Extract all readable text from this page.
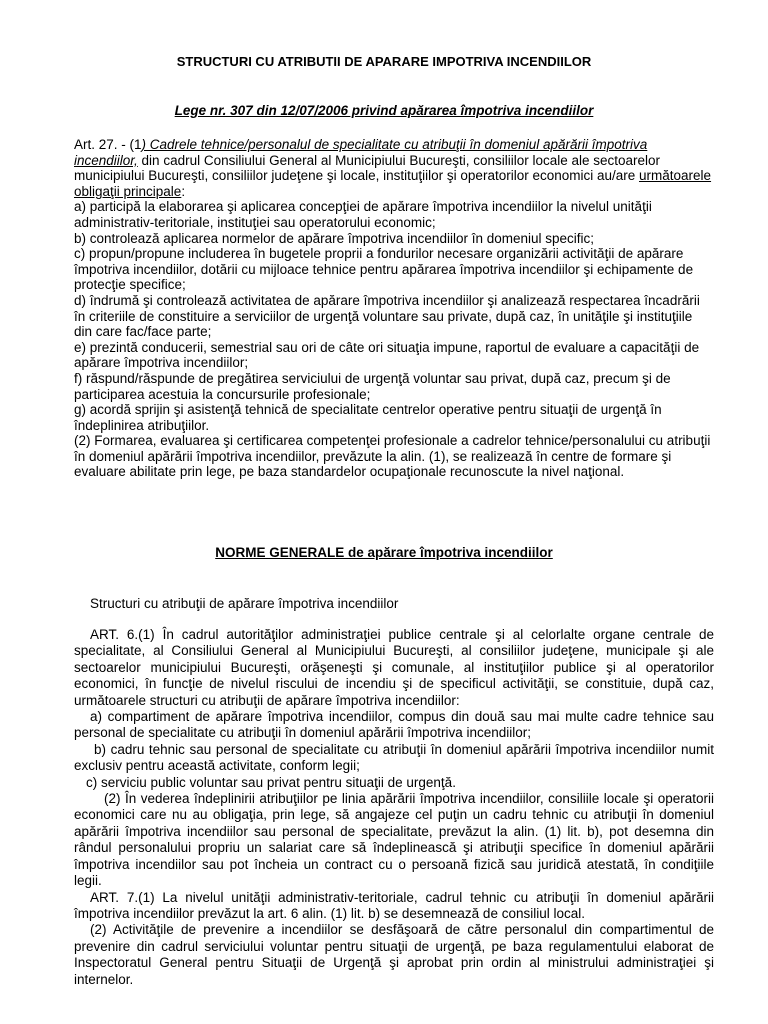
STRUCTURI CU ATRIBUTII DE APARARE IMPOTRIVA INCENDIILOR
Lege nr. 307 din 12/07/2006 privind apărarea împotriva incendiilor

Art. 27. - (1) Cadrele tehnice/personalul de specialitate cu atribuţii în domeniul apărării împotriva incendiilor, din cadrul Consiliului General al Municipiului Bucureşti, consiliilor locale ale sectoarelor municipiului Bucureşti, consiliilor judeţene şi locale, instituţiilor şi operatorilor economici au/are următoarele obligaţii principale:

a) participă la elaborarea şi aplicarea concepţiei de apărare împotriva incendiilor la nivelul unităţii administrativ-teritoriale, instituţiei sau operatorului economic;

b) controlează aplicarea normelor de apărare împotriva incendiilor în domeniul specific;

c) propun/propune includerea în bugetele proprii a fondurilor necesare organizării activităţii de apărare împotriva incendiilor, dotării cu mijloace tehnice pentru apărarea împotriva incendiilor şi echipamente de protecţie specifice;

d) îndrumă şi controlează activitatea de apărare împotriva incendiilor şi analizează respectarea încadrării în criteriile de constituire a serviciilor de urgenţă voluntare sau private, după caz, în unităţile şi instituţiile din care fac/face parte;

e) prezintă conducerii, semestrial sau ori de câte ori situaţia impune, raportul de evaluare a capacităţii de apărare împotriva incendiilor;

f) răspund/răspunde de pregătirea serviciului de urgenţă voluntar sau privat, după caz, precum şi de participarea acestuia la concursurile profesionale;

g) acordă sprijin şi asistenţă tehnică de specialitate centrelor operative pentru situaţii de urgenţă în îndeplinirea atribuţiilor.

(2) Formarea, evaluarea şi certificarea competenţei profesionale a cadrelor tehnice/personalului cu atribuţii în domeniul apărării împotriva incendiilor, prevăzute la alin. (1), se realizează în centre de formare şi evaluare abilitate prin lege, pe baza standardelor ocupaţionale recunoscute la nivel naţional.

NORME GENERALE de apărare împotriva incendiilor
Structuri cu atribuţii de apărare împotriva incendiilor

ART. 6.(1) În cadrul autorităţilor administraţiei publice centrale şi al celorlalte organe centrale de specialitate, al Consiliului General al Municipiului Bucureşti, al consiliilor judeţene, municipale şi ale sectoarelor municipiului Bucureşti, orăşeneşti şi comunale, al instituţiilor publice şi al operatorilor economici, în funcţie de nivelul riscului de incendiu şi de specificul activităţii, se constituie, după caz, următoarele structuri cu atribuţii de apărare împotriva incendiilor:

a) compartiment de apărare împotriva incendiilor, compus din două sau mai multe cadre tehnice sau personal de specialitate cu atribuţii în domeniul apărării împotriva incendiilor;

b) cadru tehnic sau personal de specialitate cu atribuţii în domeniul apărării împotriva incendiilor numit exclusiv pentru această activitate, conform legii;

c) serviciu public voluntar sau privat pentru situaţii de urgenţă.

(2) În vederea îndeplinirii atribuţiilor pe linia apărării împotriva incendiilor, consiliile locale şi operatorii economici care nu au obligaţia, prin lege, să angajeze cel puţin un cadru tehnic cu atribuţii în domeniul apărării împotriva incendiilor sau personal de specialitate, prevăzut la alin. (1) lit. b), pot desemna din rândul personalului propriu un salariat care să îndeplinească şi atribuţii specifice în domeniul apărării împotriva incendiilor sau pot încheia un contract cu o persoană fizică sau juridică atestată, în condiţiile legii.

ART. 7.(1) La nivelul unităţii administrativ-teritoriale, cadrul tehnic cu atribuţii în domeniul apărării împotriva incendiilor prevăzut la art. 6 alin. (1) lit. b) se desemnează de consiliul local.

(2) Activităţile de prevenire a incendiilor se desfăşoară de către personalul din compartimentul de prevenire din cadrul serviciului voluntar pentru situaţii de urgenţă, pe baza regulamentului elaborat de Inspectoratul General pentru Situaţii de Urgenţă şi aprobat prin ordin al ministrului administraţiei şi internelor.
